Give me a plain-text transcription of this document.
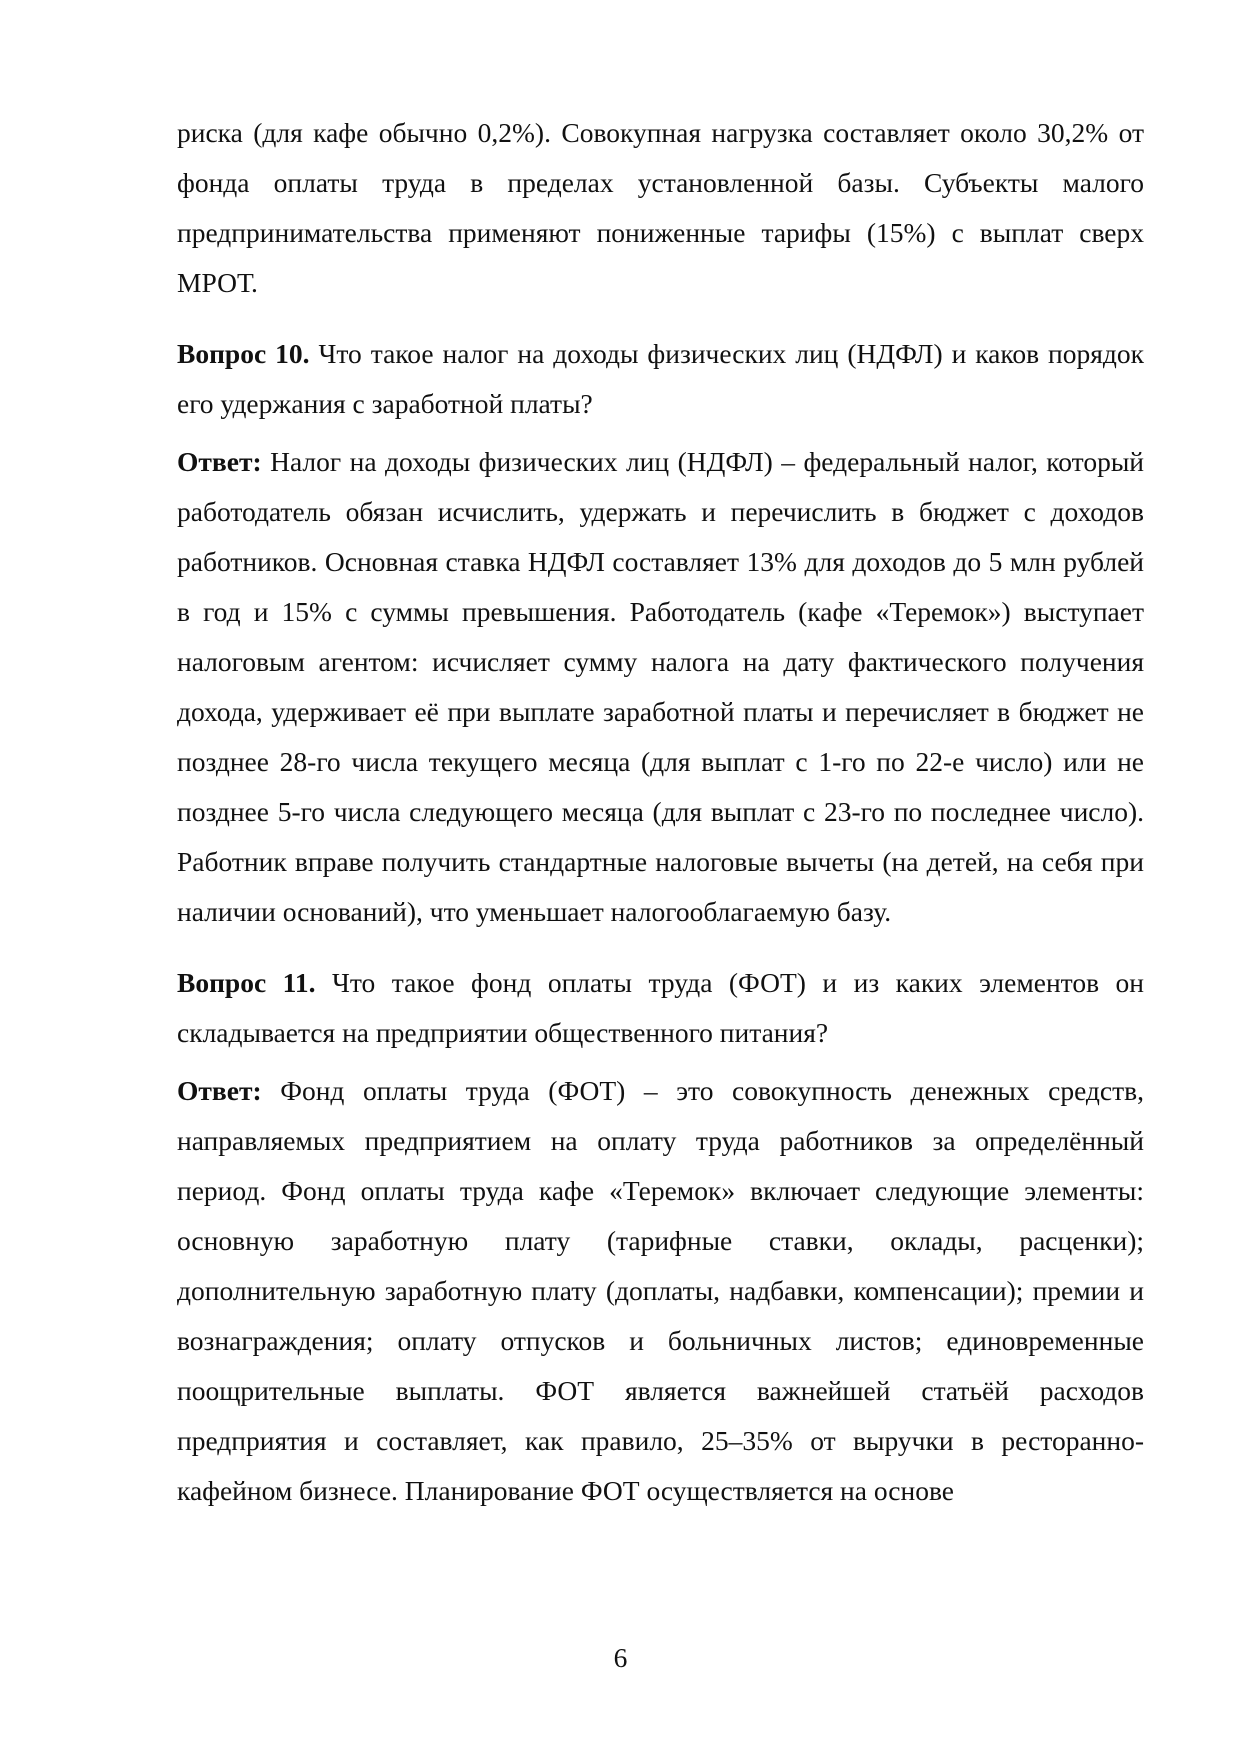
риска (для кафе обычно 0,2%). Совокупная нагрузка составляет около 30,2% от фонда оплаты труда в пределах установленной базы. Субъекты малого предпринимательства применяют пониженные тарифы (15%) с выплат сверх МРОТ.

Вопрос 10. Что такое налог на доходы физических лиц (НДФЛ) и каков порядок его удержания с заработной платы?

Ответ: Налог на доходы физических лиц (НДФЛ) – федеральный налог, который работодатель обязан исчислить, удержать и перечислить в бюджет с доходов работников. Основная ставка НДФЛ составляет 13% для доходов до 5 млн рублей в год и 15% с суммы превышения. Работодатель (кафе «Теремок») выступает налоговым агентом: исчисляет сумму налога на дату фактического получения дохода, удерживает её при выплате заработной платы и перечисляет в бюджет не позднее 28-го числа текущего месяца (для выплат с 1-го по 22-е число) или не позднее 5-го числа следующего месяца (для выплат с 23-го по последнее число). Работник вправе получить стандартные налоговые вычеты (на детей, на себя при наличии оснований), что уменьшает налогооблагаемую базу.

Вопрос 11. Что такое фонд оплаты труда (ФОТ) и из каких элементов он складывается на предприятии общественного питания?

Ответ: Фонд оплаты труда (ФОТ) – это совокупность денежных средств, направляемых предприятием на оплату труда работников за определённый период. Фонд оплаты труда кафе «Теремок» включает следующие элементы: основную заработную плату (тарифные ставки, оклады, расценки); дополнительную заработную плату (доплаты, надбавки, компенсации); премии и вознаграждения; оплату отпусков и больничных листов; единовременные поощрительные выплаты. ФОТ является важнейшей статьёй расходов предприятия и составляет, как правило, 25–35% от выручки в ресторанно-кафейном бизнесе. Планирование ФОТ осуществляется на основе

6
